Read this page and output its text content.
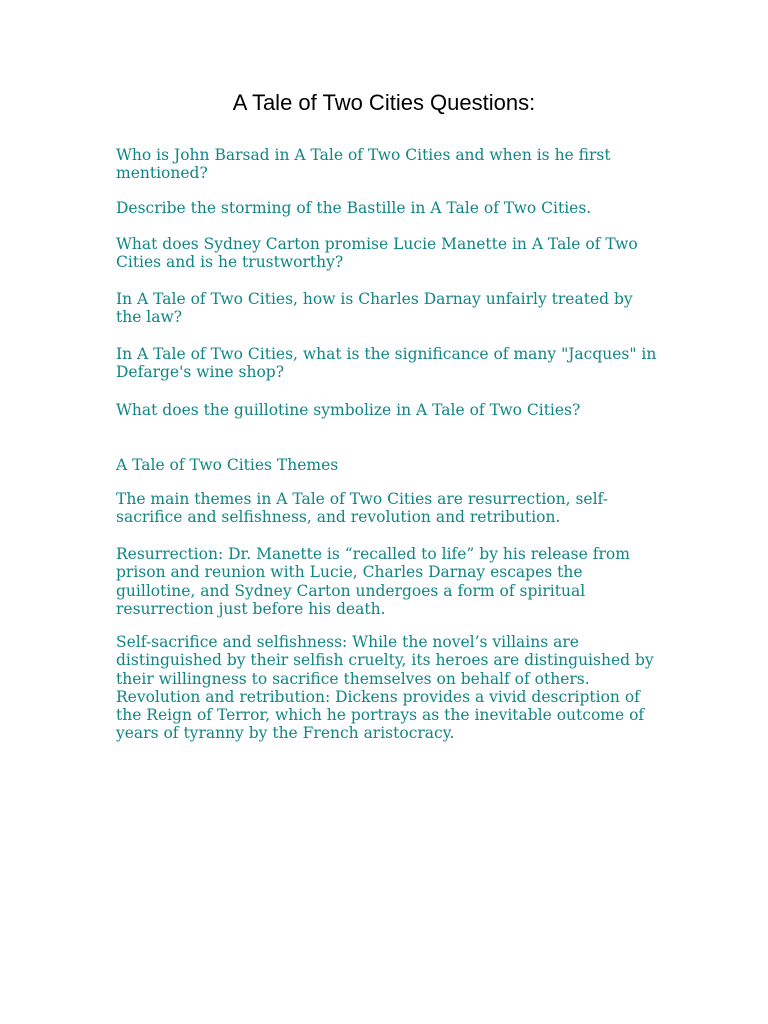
A Tale of Two Cities Questions:

Who is John Barsad in A Tale of Two Cities and when is he first mentioned?

Describe the storming of the Bastille in A Tale of Two Cities.

What does Sydney Carton promise Lucie Manette in A Tale of Two Cities and is he trustworthy?

In A Tale of Two Cities, how is Charles Darnay unfairly treated by the law?

In A Tale of Two Cities, what is the significance of many "Jacques" in Defarge's wine shop?

What does the guillotine symbolize in A Tale of Two Cities?

A Tale of Two Cities Themes

The main themes in A Tale of Two Cities are resurrection, self-sacrifice and selfishness, and revolution and retribution.

Resurrection: Dr. Manette is “recalled to life” by his release from prison and reunion with Lucie, Charles Darnay escapes the guillotine, and Sydney Carton undergoes a form of spiritual resurrection just before his death.

Self-sacrifice and selfishness: While the novel’s villains are distinguished by their selfish cruelty, its heroes are distinguished by their willingness to sacrifice themselves on behalf of others.
Revolution and retribution: Dickens provides a vivid description of the Reign of Terror, which he portrays as the inevitable outcome of years of tyranny by the French aristocracy.
